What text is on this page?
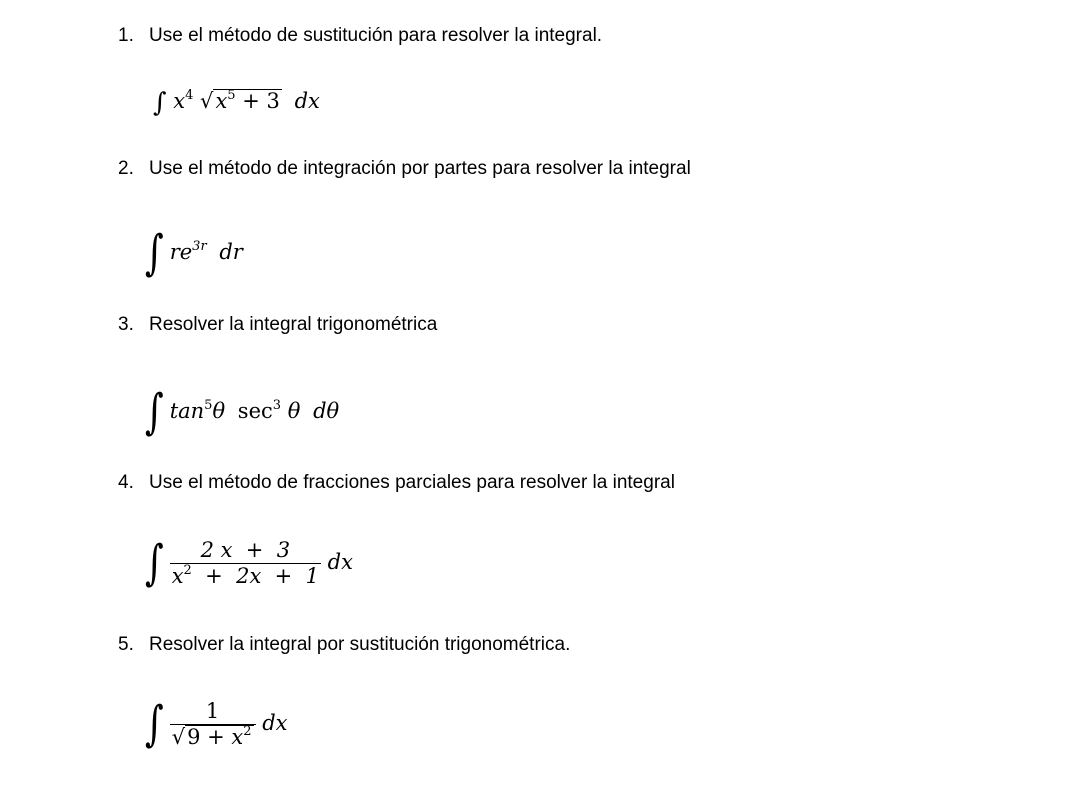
1. Use el método de sustitución para resolver la integral.
∫ $x^4$ $√x^5 + 3$ dx
2. Use el método de integración por partes para resolver la integral
∫ $re^{3r}$ dr
3. Resolver la integral trigonométrica
∫ $\tan^5\theta$ $\sec^3 \theta$ dθ
4. Use el método de fracciones parciales para resolver la integral
∫ $\frac{2 x + 3}{x^2 + 2x + 1}$ dx
5. Resolver la integral por sustitución trigonométrica.
∫ $\frac{1}{√9 + x^2}$ dx
